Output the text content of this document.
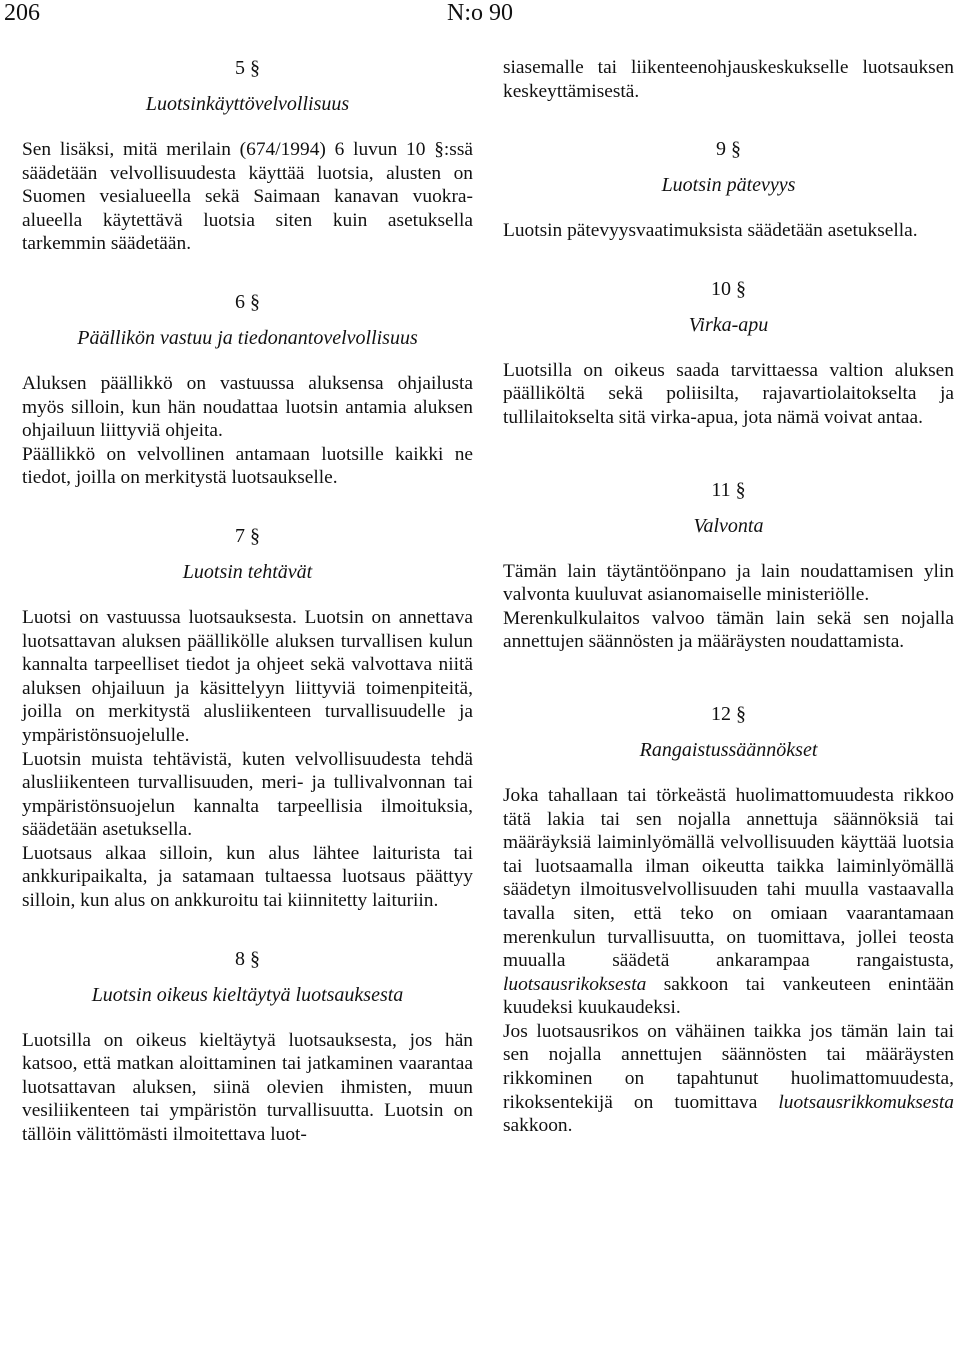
206	N:o 90
5 §
Luotsinkäyttövelvollisuus

Sen lisäksi, mitä merilain (674/1994) 6 luvun 10 §:ssä säädetään velvollisuudesta käyttää luotsia, alusten on Suomen vesialueella sekä Saimaan kanavan vuokra-alueella käytettävä luotsia siten kuin asetuksella tarkemmin säädetään.

6 §
Päällikön vastuu ja tiedonantovelvollisuus

Aluksen päällikkö on vastuussa aluksensa ohjailusta myös silloin, kun hän noudattaa luotsin antamia aluksen ohjailuun liittyviä ohjeita.

Päällikkö on velvollinen antamaan luotsille kaikki ne tiedot, joilla on merkitystä luotsaukselle.

7 §
Luotsin tehtävät

Luotsi on vastuussa luotsauksesta. Luotsin on annettava luotsattavan aluksen päällikölle aluksen turvallisen kulun kannalta tarpeelliset tiedot ja ohjeet sekä valvottava niitä aluksen ohjailuun ja käsittelyyn liittyviä toimenpiteitä, joilla on merkitystä alusliikenteen turvallisuudelle ja ympäristönsuojelulle.

Luotsin muista tehtävistä, kuten velvollisuudesta tehdä alusliikenteen turvallisuuden, meri- ja tullivalvonnan tai ympäristönsuojelun kannalta tarpeellisia ilmoituksia, säädetään asetuksella.

Luotsaus alkaa silloin, kun alus lähtee laiturista tai ankkuripaikalta, ja satamaan tultaessa luotsaus päättyy silloin, kun alus on ankkuroitu tai kiinnitetty laituriin.

8 §
Luotsin oikeus kieltäytyä luotsauksesta

Luotsilla on oikeus kieltäytyä luotsauksesta, jos hän katsoo, että matkan aloittaminen tai jatkaminen vaarantaa luotsattavan aluksen, siinä olevien ihmisten, muun vesiliikenteen tai ympäristön turvallisuutta. Luotsin on tällöin välittömästi ilmoitettava luot-

siasemalle tai liikenteenohjauskeskukselle luotsauksen keskeyttämisestä.

9 §
Luotsin pätevyys

Luotsin pätevyysvaatimuksista säädetään asetuksella.

10 §
Virka-apu

Luotsilla on oikeus saada tarvittaessa valtion aluksen päälliköltä sekä poliisilta, rajavartiolaitokselta ja tullilaitokselta sitä virka-apua, jota nämä voivat antaa.

11 §
Valvonta

Tämän lain täytäntöönpano ja lain noudattamisen ylin valvonta kuuluvat asianomaiselle ministeriölle.

Merenkulkulaitos valvoo tämän lain sekä sen nojalla annettujen säännösten ja määräysten noudattamista.

12 §
Rangaistussäännökset

Joka tahallaan tai törkeästä huolimattomuudesta rikkoo tätä lakia tai sen nojalla annettuja säännöksiä tai määräyksiä laiminlyömällä velvollisuuden käyttää luotsia tai luotsaamalla ilman oikeutta taikka laiminlyömällä säädetyn ilmoitusvelvollisuuden tahi muulla vastaavalla tavalla siten, että teko on omiaan vaarantamaan merenkulun turvallisuutta, on tuomittava, jollei teosta muualla säädetä ankarampaa rangaistusta, luotsausrikoksesta sakkoon tai vankeuteen enintään kuudeksi kuukaudeksi.

Jos luotsausrikos on vähäinen taikka jos tämän lain tai sen nojalla annettujen säännösten tai määräysten rikkominen on tapahtunut huolimattomuudesta, rikoksentekijä on tuomittava luotsausrikkomuksesta sakkoon.
